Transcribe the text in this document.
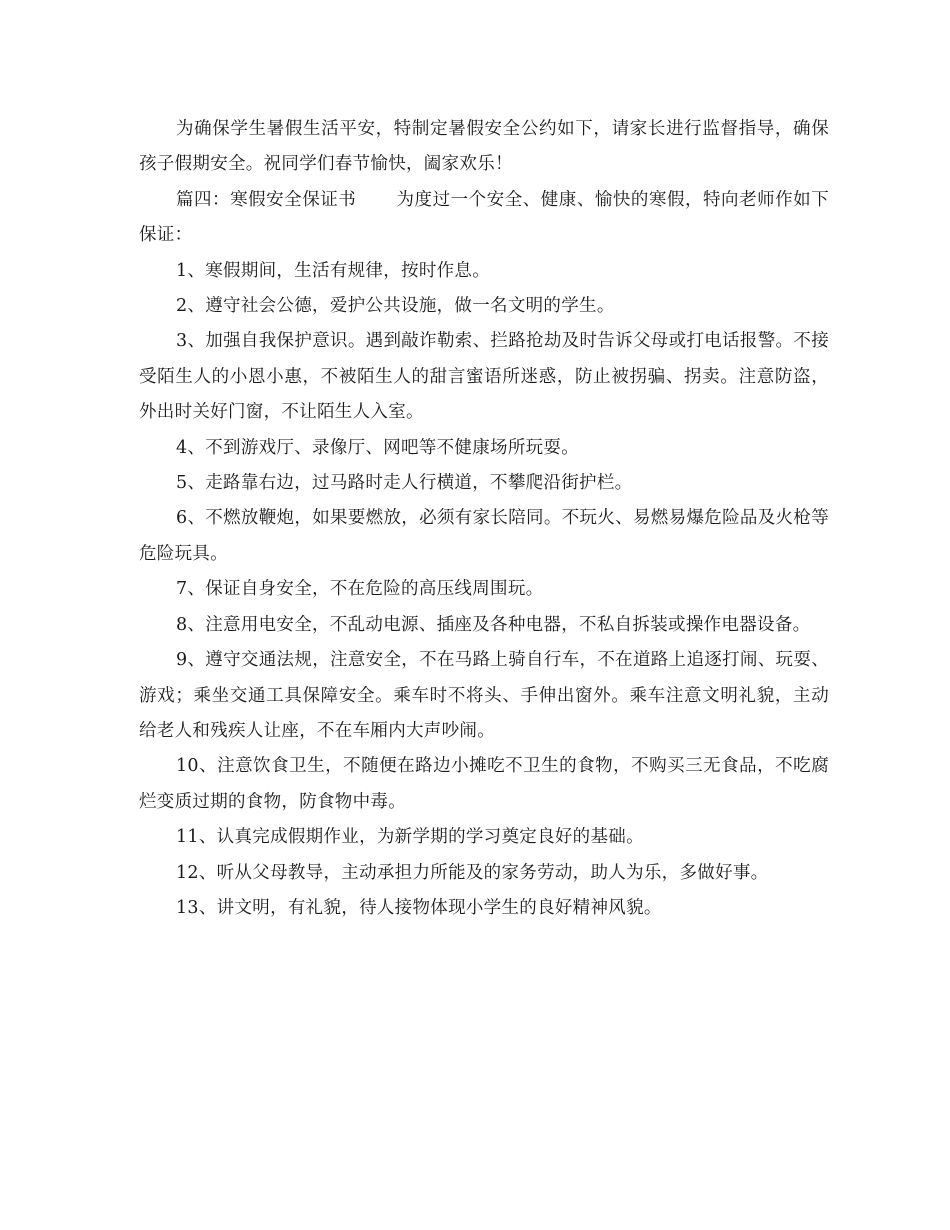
为确保学生暑假生活平安，特制定暑假安全公约如下，请家长进行监督指导，确保孩子假期安全。祝同学们春节愉快，阖家欢乐！

篇四：寒假安全保证书 为度过一个安全、健康、愉快的寒假，特向老师作如下保证：

1、寒假期间，生活有规律，按时作息。

2、遵守社会公德，爱护公共设施，做一名文明的学生。

3、加强自我保护意识。遇到敲诈勒索、拦路抢劫及时告诉父母或打电话报警。不接受陌生人的小恩小惠，不被陌生人的甜言蜜语所迷惑，防止被拐骗、拐卖。注意防盗，外出时关好门窗，不让陌生人入室。

4、不到游戏厅、录像厅、网吧等不健康场所玩耍。

5、走路靠右边，过马路时走人行横道，不攀爬沿街护栏。

6、不燃放鞭炮，如果要燃放，必须有家长陪同。不玩火、易燃易爆危险品及火枪等危险玩具。

7、保证自身安全，不在危险的高压线周围玩。

8、注意用电安全，不乱动电源、插座及各种电器，不私自拆装或操作电器设备。

9、遵守交通法规，注意安全，不在马路上骑自行车，不在道路上追逐打闹、玩耍、游戏；乘坐交通工具保障安全。乘车时不将头、手伸出窗外。乘车注意文明礼貌，主动给老人和残疾人让座，不在车厢内大声吵闹。

10、注意饮食卫生，不随便在路边小摊吃不卫生的食物，不购买三无食品，不吃腐烂变质过期的食物，防食物中毒。

11、认真完成假期作业，为新学期的学习奠定良好的基础。

12、听从父母教导，主动承担力所能及的家务劳动，助人为乐，多做好事。

13、讲文明，有礼貌，待人接物体现小学生的良好精神风貌。
